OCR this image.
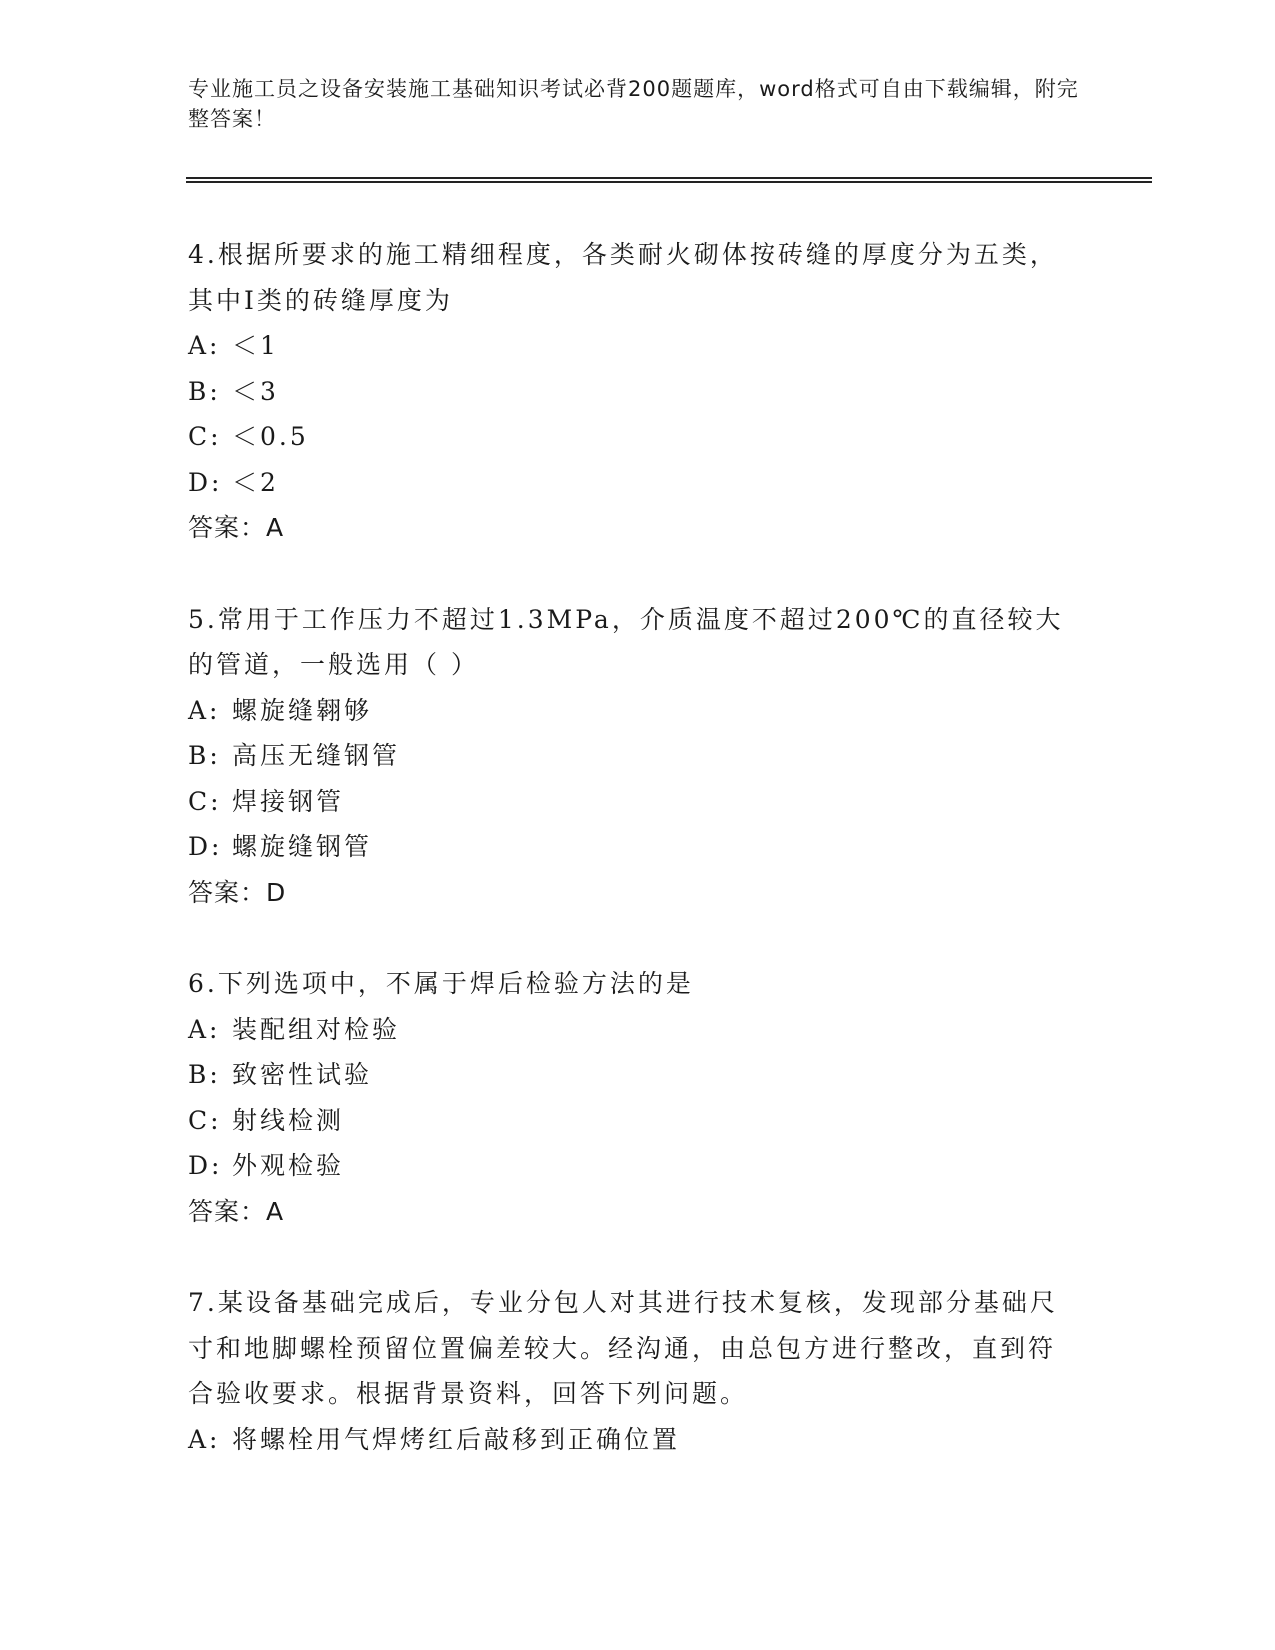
专业施工员之设备安装施工基础知识考试必背200题题库，word格式可自由下载编辑，附完整答案！
4.根据所要求的施工精细程度，各类耐火砌体按砖缝的厚度分为五类，其中Ⅰ类的砖缝厚度为
A: ＜1
B: ＜3
C: ＜0.5
D: ＜2
答案：A
5.常用于工作压力不超过1.3MPa，介质温度不超过200℃的直径较大的管道，一般选用（ ）
A: 螺旋缝翱够
B: 高压无缝钢管
C: 焊接钢管
D: 螺旋缝钢管
答案：D
6.下列选项中，不属于焊后检验方法的是
A: 装配组对检验
B: 致密性试验
C: 射线检测
D: 外观检验
答案：A
7.某设备基础完成后，专业分包人对其进行技术复核，发现部分基础尺寸和地脚螺栓预留位置偏差较大。经沟通，由总包方进行整改，直到符合验收要求。根据背景资料，回答下列问题。
A: 将螺栓用气焊烤红后敲移到正确位置
